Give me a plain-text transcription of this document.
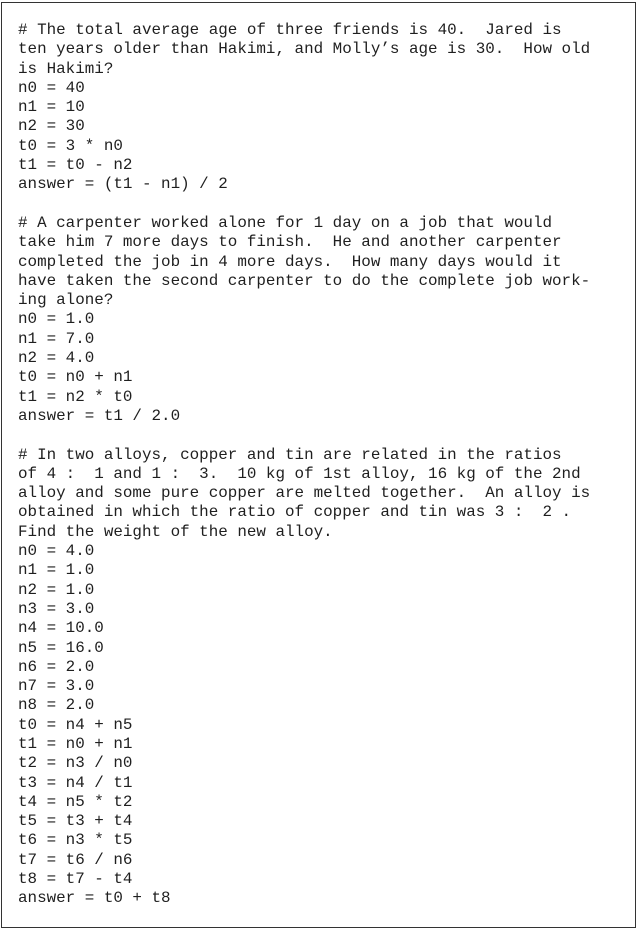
# The total average age of three friends is 40.  Jared is
ten years older than Hakimi, and Molly’s age is 30.  How old
is Hakimi?
n0 = 40
n1 = 10
n2 = 30
t0 = 3 * n0
t1 = t0 - n2
answer = (t1 - n1) / 2
# A carpenter worked alone for 1 day on a job that would
take him 7 more days to finish.  He and another carpenter
completed the job in 4 more days.  How many days would it
have taken the second carpenter to do the complete job work-
ing alone?
n0 = 1.0
n1 = 7.0
n2 = 4.0
t0 = n0 + n1
t1 = n2 * t0
answer = t1 / 2.0
# In two alloys, copper and tin are related in the ratios
of 4 :  1 and 1 :  3.  10 kg of 1st alloy, 16 kg of the 2nd
alloy and some pure copper are melted together.  An alloy is
obtained in which the ratio of copper and tin was 3 :  2 .
Find the weight of the new alloy.
n0 = 4.0
n1 = 1.0
n2 = 1.0
n3 = 3.0
n4 = 10.0
n5 = 16.0
n6 = 2.0
n7 = 3.0
n8 = 2.0
t0 = n4 + n5
t1 = n0 + n1
t2 = n3 / n0
t3 = n4 / t1
t4 = n5 * t2
t5 = t3 + t4
t6 = n3 * t5
t7 = t6 / n6
t8 = t7 - t4
answer = t0 + t8
